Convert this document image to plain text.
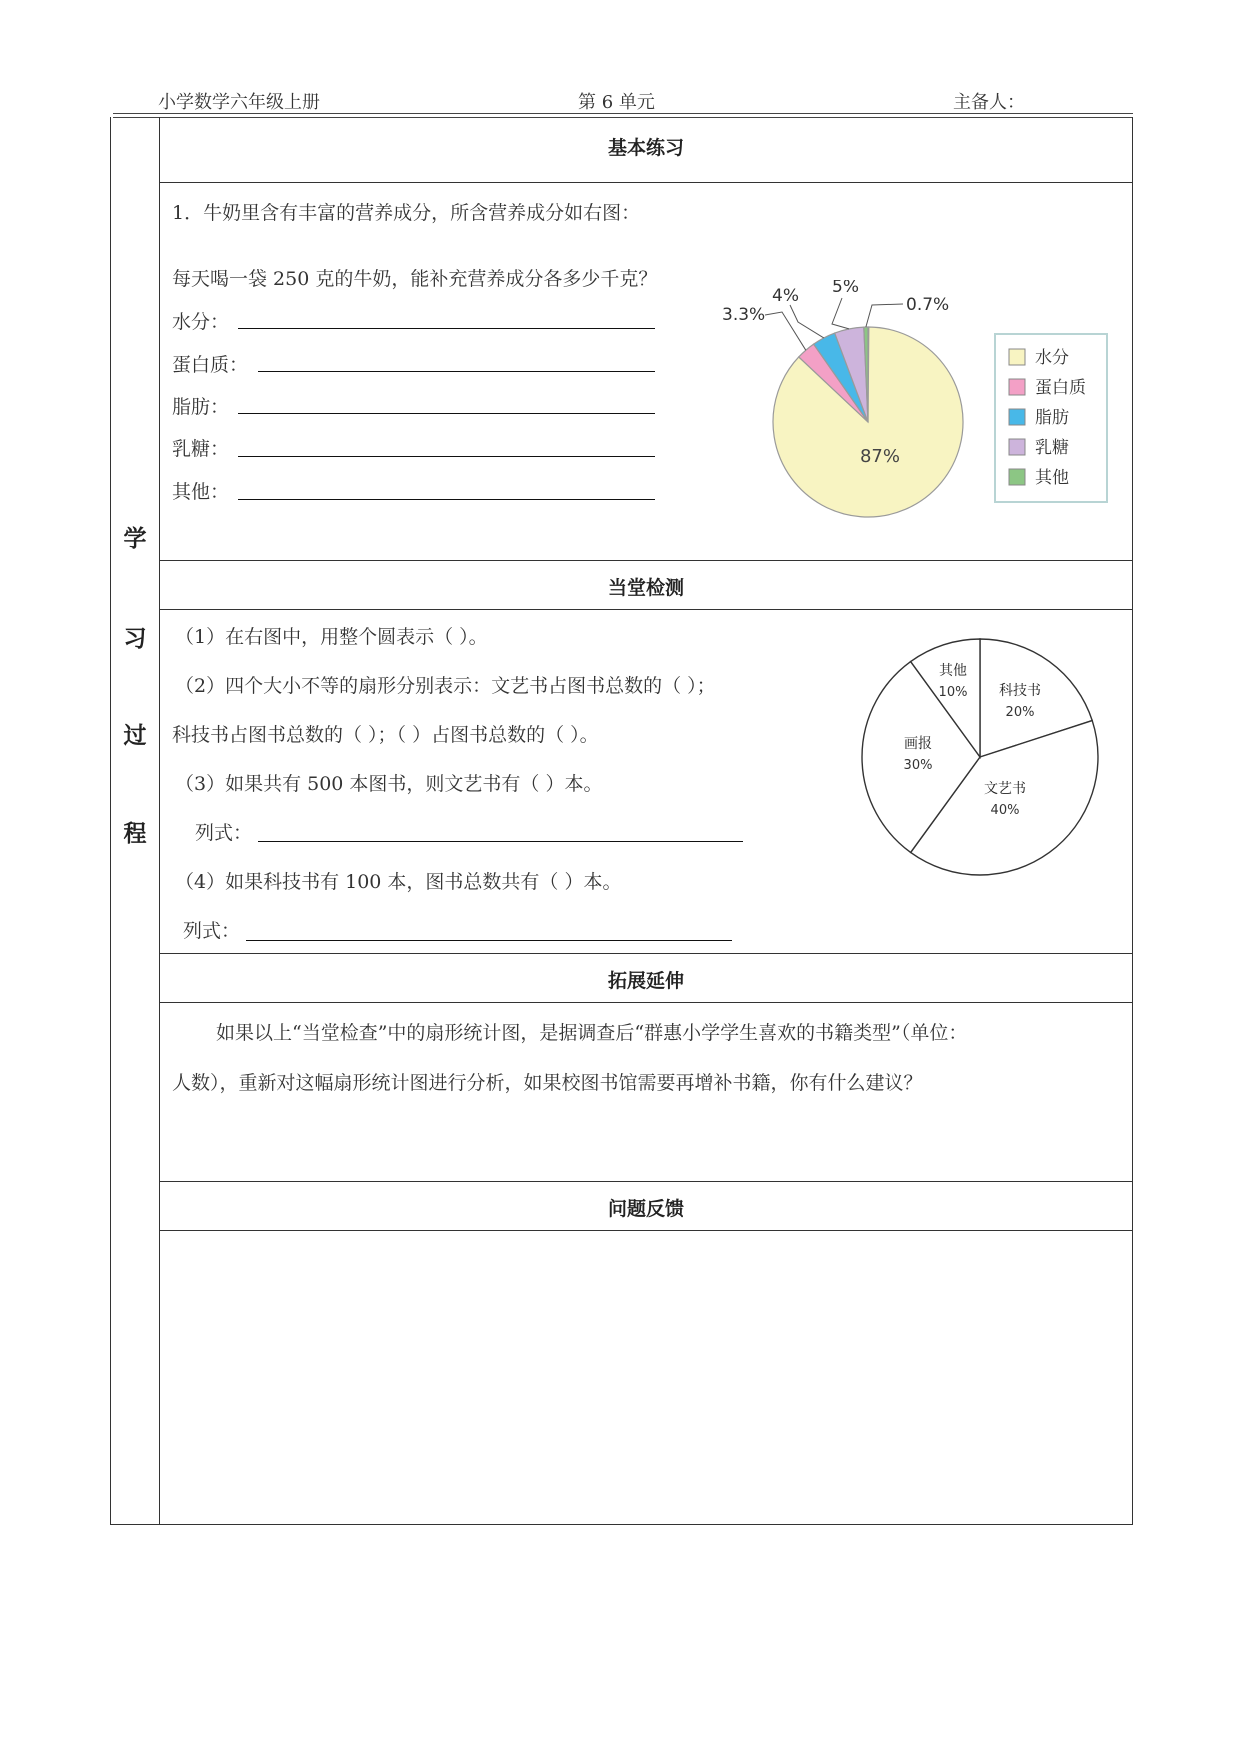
小学数学六年级上册	第 6 单元	主备人：
学
习
过
程
基本练习
当堂检测
拓展延伸
问题反馈
1．牛奶里含有丰富的营养成分，所含营养成分如右图：
每天喝一袋 250 克的牛奶，能补充营养成分各多少千克？
水分：
蛋白质：
脂肪：
乳糖：
其他：
87%
3.3%
4% 5%
0.7%
水分
蛋白质
脂肪
乳糖
其他
（1）在右图中，用整个圆表示（ ）。
（2）四个大小不等的扇形分别表示：文艺书占图书总数的（ ）；
科技书占图书总数的（ ）；（ ）占图书总数的（ ）。
（3）如果共有 500 本图书，则文艺书有（ ）本。
列式：
（4）如果科技书有 100 本，图书总数共有（ ）本。
列式：
科技书
20%
文艺书
40%
画报
30%
其他
10%
如果以上“当堂检查”中的扇形统计图，是据调查后“群惠小学学生喜欢的书籍类型”（单位：
人数），重新对这幅扇形统计图进行分析，如果校图书馆需要再增补书籍，你有什么建议？
